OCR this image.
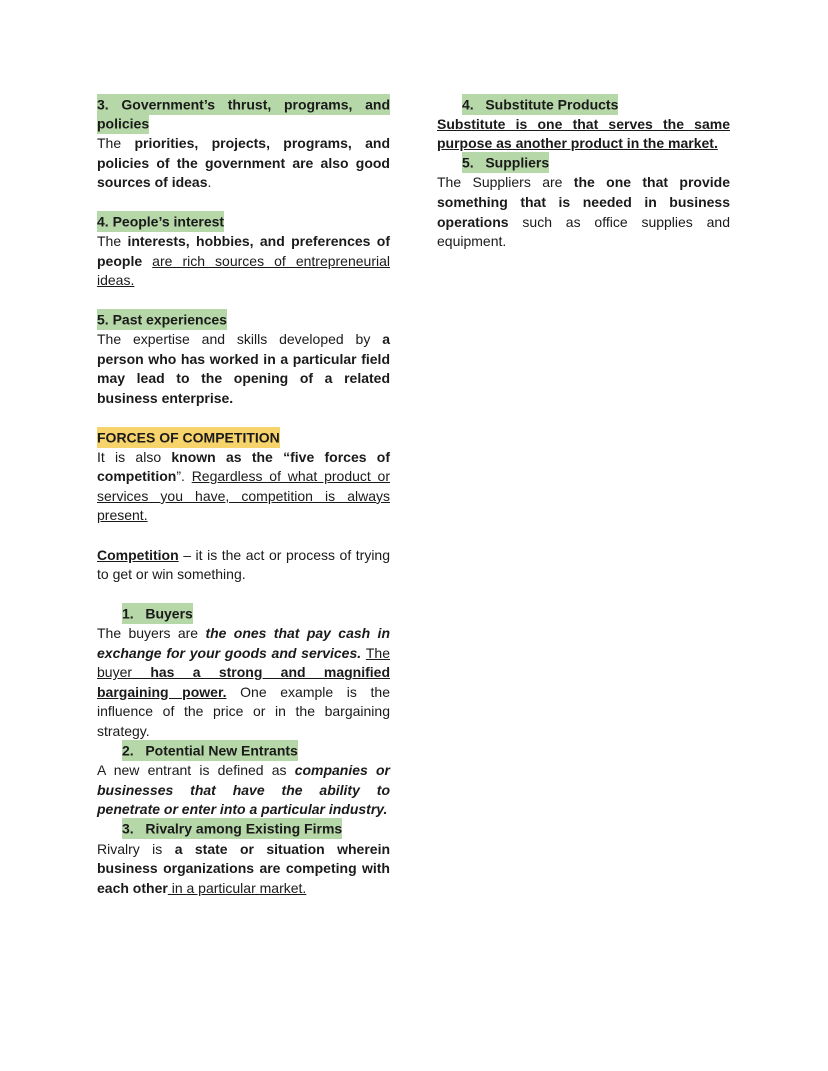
3. Government’s thrust, programs, and policies
The priorities, projects, programs, and policies of the government are also good sources of ideas.

4. People’s interest
The interests, hobbies, and preferences of people are rich sources of entrepreneurial ideas.

5. Past experiences
The expertise and skills developed by a person who has worked in a particular field may lead to the opening of a related business enterprise.

FORCES OF COMPETITION
It is also known as the “five forces of competition”. Regardless of what product or services you have, competition is always present.

Competition – it is the act or process of trying to get or win something.

1.   Buyers
The buyers are the ones that pay cash in exchange for your goods and services. The buyer has a strong and magnified bargaining power. One example is the influence of the price or in the bargaining strategy.
2.   Potential New Entrants
A new entrant is defined as companies or businesses that have the ability to penetrate or enter into a particular industry.
3.   Rivalry among Existing Firms
Rivalry is a state or situation wherein business organizations are competing with each other in a particular market.
4.   Substitute Products
Substitute is one that serves the same purpose as another product in the market.
5.   Suppliers
The Suppliers are the one that provide something that is needed in business operations such as office supplies and equipment.
